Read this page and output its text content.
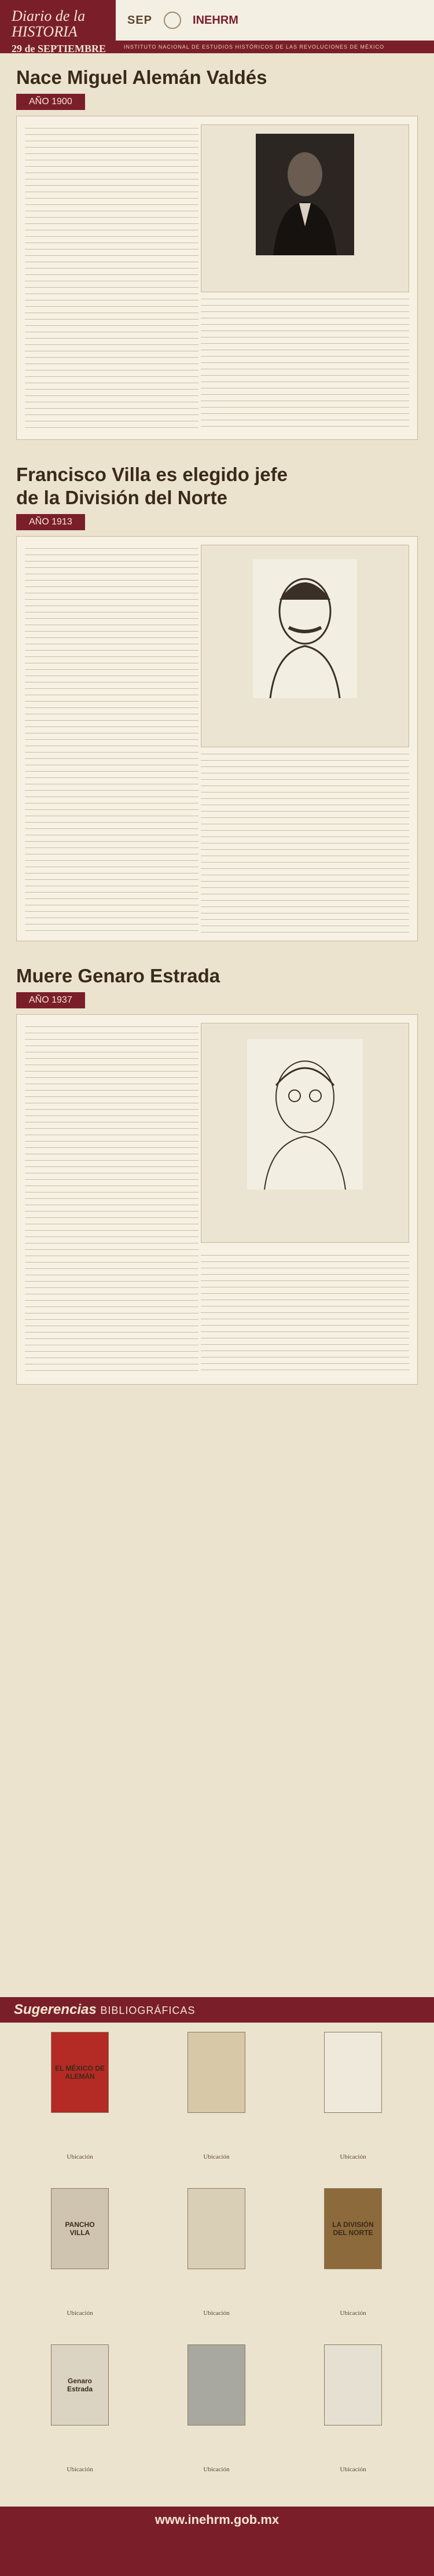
Diario de la
HISTORIA
29 de SEPTIEMBRE
SEP	INEHRM
INSTITUTO NACIONAL DE ESTUDIOS HISTÓRICOS DE LAS REVOLUCIONES DE MÉXICO
Nace Miguel Alemán Valdés
AÑO 1900
Francisco Villa es elegido jefe
de la División del Norte
AÑO 1913
Muere Genaro Estrada
AÑO 1937
Sugerencias BIBLIOGRÁFICAS
EL MÉXICO DE ALEMÁN
Ubicación	Ubicación	Ubicación
PANCHO VILLA
Ubicación	Ubicación
LA DIVISIÓN DEL NORTE
Ubicación
Genaro Estrada
Ubicación	Ubicación	Ubicación
www.inehrm.gob.mx
